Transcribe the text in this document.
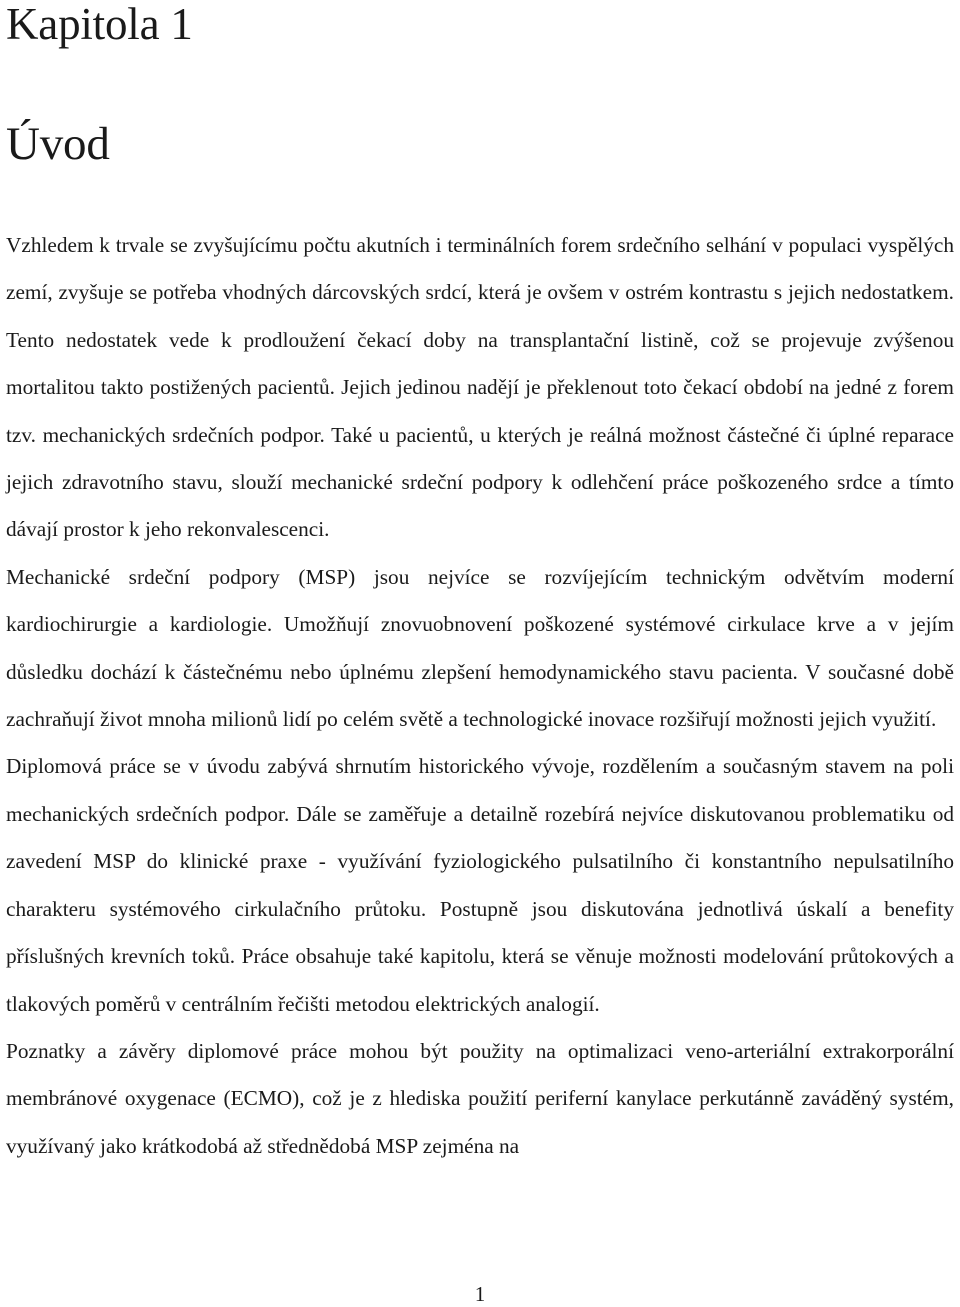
Kapitola 1
Úvod

Vzhledem k trvale se zvyšujícímu počtu akutních i terminálních forem srdečního selhání v populaci vyspělých zemí, zvyšuje se potřeba vhodných dárcovských srdcí, která je ovšem v ostrém kontrastu s jejich nedostatkem. Tento nedostatek vede k prodloužení čekací doby na transplantační listině, což se projevuje zvýšenou mortalitou takto postižených pacientů. Jejich jedinou nadějí je překlenout toto čekací období na jedné z forem tzv. mechanických srdečních podpor. Také u pacientů, u kterých je reálná možnost částečné či úplné reparace jejich zdravotního stavu, slouží mechanické srdeční podpory k odlehčení práce poškozeného srdce a tímto dávají prostor k jeho rekonvalescenci.

Mechanické srdeční podpory (MSP) jsou nejvíce se rozvíjejícím technickým odvětvím moderní kardiochirurgie a kardiologie. Umožňují znovuobnovení poškozené systémové cirkulace krve a v jejím důsledku dochází k částečnému nebo úplnému zlepšení hemodynamického stavu pacienta. V současné době zachraňují život mnoha milionů lidí po celém světě a technologické inovace rozšiřují možnosti jejich využití.

Diplomová práce se v úvodu zabývá shrnutím historického vývoje, rozdělením a současným stavem na poli mechanických srdečních podpor. Dále se zaměřuje a detailně rozebírá nejvíce diskutovanou problematiku od zavedení MSP do klinické praxe - využívání fyziologického pulsatilního či konstantního nepulsatilního charakteru systémového cirkulačního průtoku. Postupně jsou diskutována jednotlivá úskalí a benefity příslušných krevních toků. Práce obsahuje také kapitolu, která se věnuje možnosti modelování průtokových a tlakových poměrů v centrálním řečišti metodou elektrických analogií.

Poznatky a závěry diplomové práce mohou být použity na optimalizaci veno-arteriální extrakorporální membránové oxygenace (ECMO), což je z hlediska použití periferní kanylace perkutánně zaváděný systém, využívaný jako krátkodobá až střednědobá MSP zejména na

1
